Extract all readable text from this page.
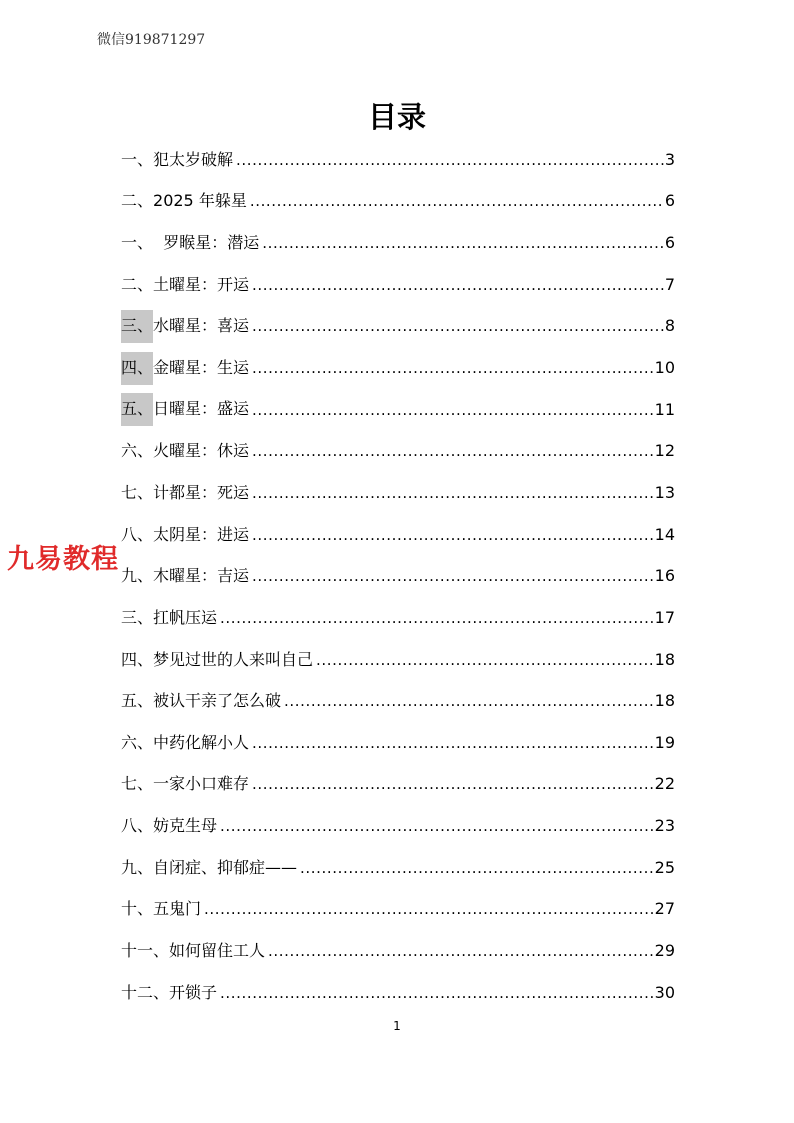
微信919871297
目录
一、犯太岁破解 .....	3
二、2025 年躲星 .....	6
一、  罗睺星：潜运 .....	6
二、土曜星：开运 .....	7
三、水曜星：喜运 .....	8
四、金曜星：生运 .....	10
五、日曜星：盛运 .....	11
六、火曜星：休运 .....	12
七、计都星：死运 .....	13
八、太阴星：进运 .....	14
九、木曜星：吉运 .....	16
三、扛帆压运 .....	17
四、梦见过世的人来叫自己 .....	18
五、被认干亲了怎么破 .....	18
六、中药化解小人 .....	19
七、一家小口难存 .....	22
八、妨克生母 .....	23
九、自闭症、抑郁症—— .....	25
十、五鬼门 .....	27
十一、如何留住工人 .....	29
十二、开锁子 .....	30
九易教程
1
